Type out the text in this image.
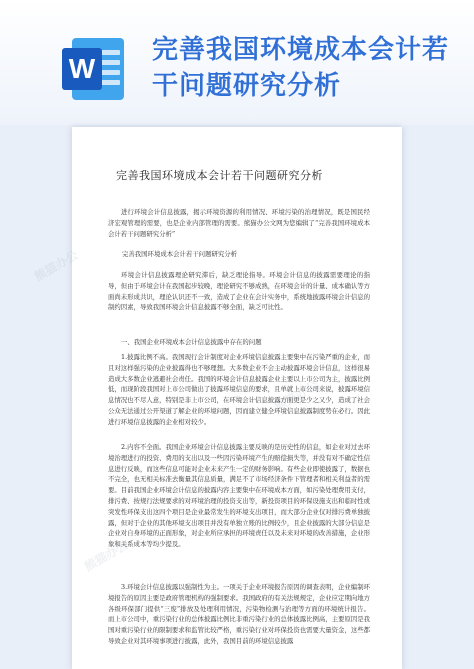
W
完善我国环境成本会计若干问题研究分析
熊猫办公
熊猫办公
熊猫办公
完善我国环境成本会计若干问题研究分析
进行环境会计信息披露，揭示环境资源的利用情况、环境污染的治理情况，既是国民经济宏观管理的需要，也是企业内部管理的需要。熊猫办公文网为您编辑了“完善我国环境成本会计若干问题研究分析”
完善我国环境成本会计若干问题研究分析
环境会计信息披露理论研究滞后，缺乏理论指导。环境会计信息的披露需要理论的指导，但由于环境会计在我国起步较晚，理论研究不够成熟，在环境会计的计量、成本确认等方面尚未形成共识，理论认识还不一致，造成了企业在会计实务中，系统地披露环境会计信息的制约因素，导致我国环境会计信息披露不够全面，缺乏可比性。
一、我国企业环境成本会计信息披露中存在的问题
1.披露比例不高。我国现行会计制度对企业环境信息披露主要集中在污染严重的企业，而且对这样强污染的企业披露得也不够理想。大多数企业不会主动披露环境会计信息，这样很易造成大多数企业逃避社会责任。我国的环境会计信息披露企业主要以上市公司为主，披露比例低，而现阶段我国对上市公司做出了披露环境信息的要求，且单就上市公司来说，披露环境信息情况也不尽人意，特别是非上市公司，在环境会计信息披露方面更是少之又少，造成了社会公众无法通过公开渠道了解企业的环境问题，因而建立健全环境信息披露制度势在必行。因此进行环境信息披露的企业相对较少。
2.内容不全面。我国企业环境会计信息披露主要反映的是历史性的信息，如企业对过去环境治理进行的投资、费用的支出以及一些因污染环境产生的赔偿损失等，并没有对不确定性信息进行反映，而这些信息可能对企业未来产生一定的财务影响。有些企业即使披露了，数据也不完全，也无相关标准去衡量其信息质量，满足不了市场经济条件下管理者和相关利益者的需要。目前我国企业环境会计信息的披露内容主要集中在环境成本方面，如污染处理费用支付，排污费、按规行法规要求的对环境治理的投资支出等，新投资项目的环保设施支出和临时性或突发性环保支出这四个项目是企业最常发生的环境支出项目，而大部分企业仅对排污费单独披露，但对于企业的其他环境支出项目并没有单独立账的比例较少，且企业披露的大部分信息是企业对自身环境的正面形象，对企业所应承担的环境责任以及未来对环境的改善措施，企业形象和关系成本等均少提及。
3.环境会计信息披露以强制性为主。一项关于企业环境报告原因的调查表明，企业编制环境报告的原因主要是政府管理机构的强制要求。我国政府的有关法规规定，企业应定期向地方各级环保部门提供“三废”排放及处理利用情况，污染物检测与治理等方面的环境统计报告。而上市公司中，重污染行业的总体披露比例比非重污染行业的总体披露比例高，主要原因是我国对重污染行业的限制要求和监管比较严格，重污染行业对环保投资也需要大量资金，这些都导致企业对其环境事项进行披露，此外，我国目前的环境信息披露
